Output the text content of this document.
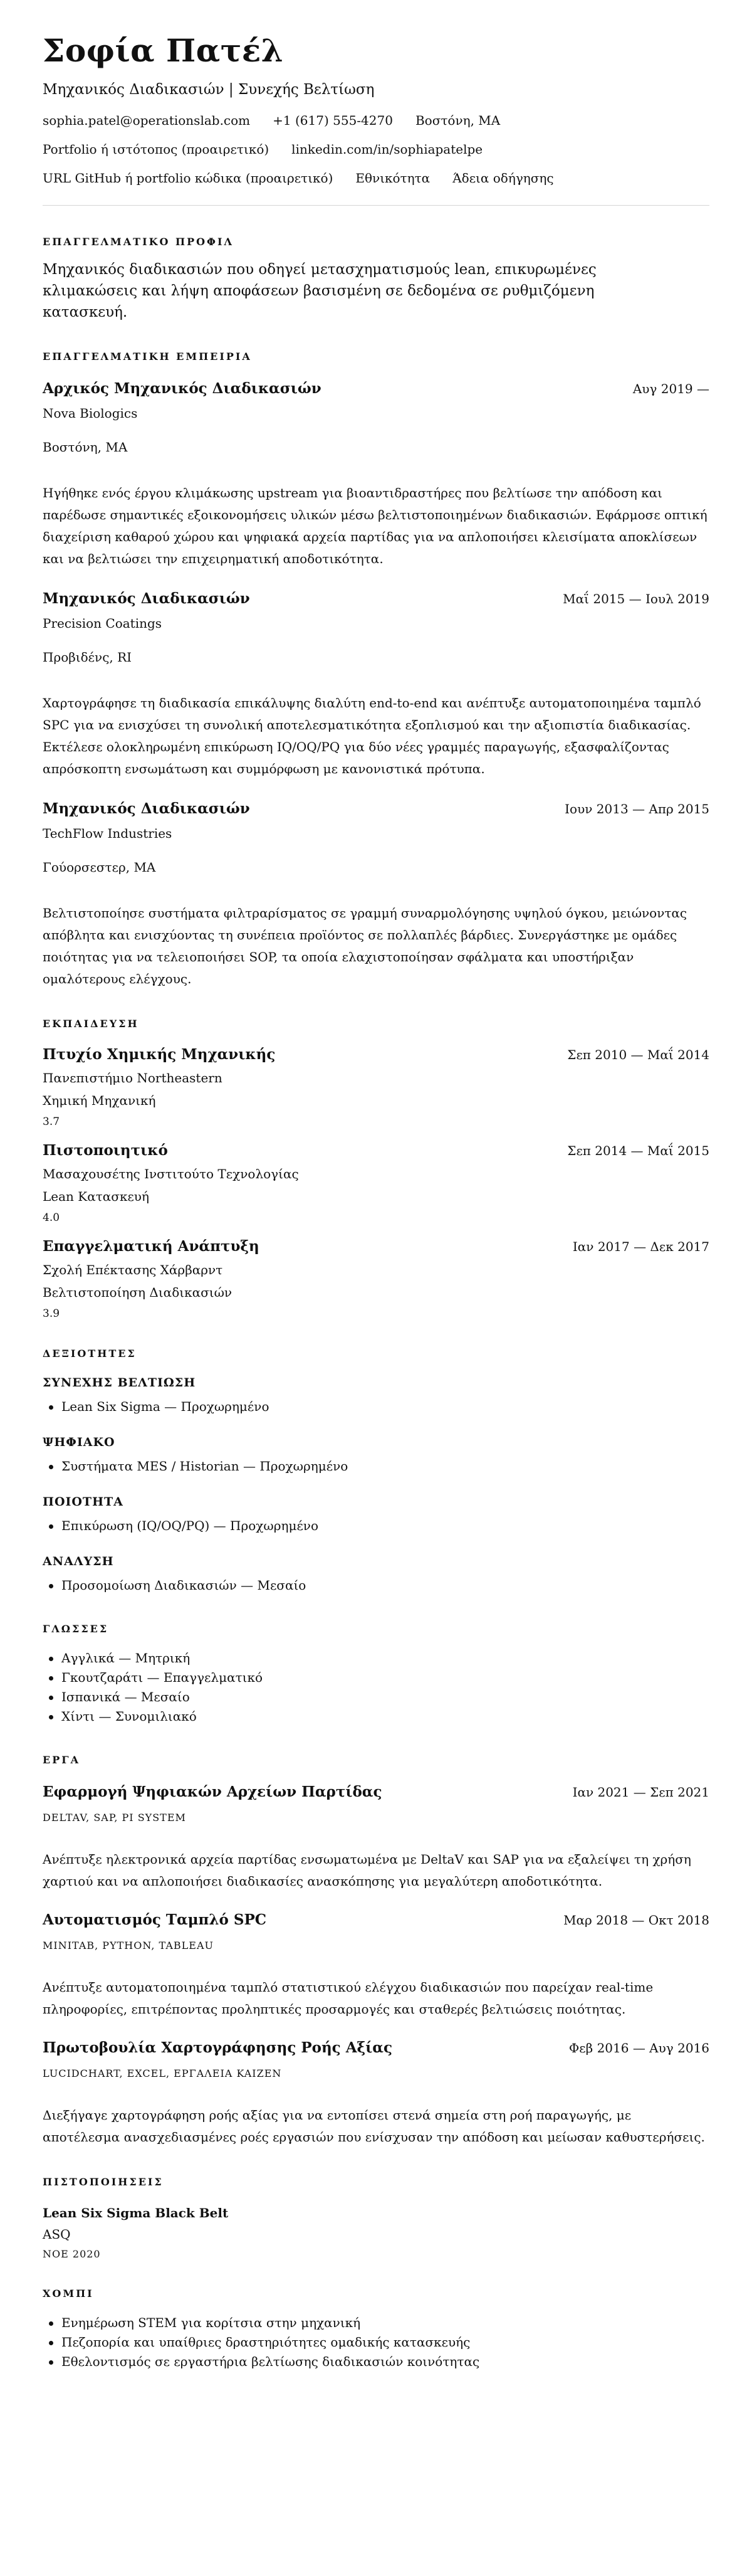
Σοφία Πατέλ
Μηχανικός Διαδικασιών | Συνεχής Βελτίωση
sophia.patel@operationslab.com +1 (617) 555-4270 Βοστόνη, MA
Portfolio ή ιστότοπος (προαιρετικό) linkedin.com/in/sophiapatelpe
URL GitHub ή portfolio κώδικα (προαιρετικό) Εθνικότητα Άδεια οδήγησης
ΕΠΑΓΓΕΛΜΑΤΙΚΟ ΠΡΟΦΙΛ
Μηχανικός διαδικασιών που οδηγεί μετασχηματισμούς lean, επικυρωμένες κλιμακώσεις και λήψη αποφάσεων βασισμένη σε δεδομένα σε ρυθμιζόμενη κατασκευή.
ΕΠΑΓΓΕΛΜΑΤΙΚΗ ΕΜΠΕΙΡΙΑ
Αρχικός Μηχανικός Διαδικασιών	Αυγ 2019 —
Nova Biologics
Βοστόνη, MA
Ηγήθηκε ενός έργου κλιμάκωσης upstream για βιοαντιδραστήρες που βελτίωσε την απόδοση και παρέδωσε σημαντικές εξοικονομήσεις υλικών μέσω βελτιστοποιημένων διαδικασιών. Εφάρμοσε οπτική διαχείριση καθαρού χώρου και ψηφιακά αρχεία παρτίδας για να απλοποιήσει κλεισίματα αποκλίσεων και να βελτιώσει την επιχειρηματική αποδοτικότητα.
Μηχανικός Διαδικασιών	Μαΐ 2015 — Ιουλ 2019
Precision Coatings
Προβιδένς, RI
Χαρτογράφησε τη διαδικασία επικάλυψης διαλύτη end-to-end και ανέπτυξε αυτοματοποιημένα ταμπλό SPC για να ενισχύσει τη συνολική αποτελεσματικότητα εξοπλισμού και την αξιοπιστία διαδικασίας. Εκτέλεσε ολοκληρωμένη επικύρωση IQ/OQ/PQ για δύο νέες γραμμές παραγωγής, εξασφαλίζοντας απρόσκοπτη ενσωμάτωση και συμμόρφωση με κανονιστικά πρότυπα.
Μηχανικός Διαδικασιών	Ιουν 2013 — Απρ 2015
TechFlow Industries
Γούορσεστερ, MA
Βελτιστοποίησε συστήματα φιλτραρίσματος σε γραμμή συναρμολόγησης υψηλού όγκου, μειώνοντας απόβλητα και ενισχύοντας τη συνέπεια προϊόντος σε πολλαπλές βάρδιες. Συνεργάστηκε με ομάδες ποιότητας για να τελειοποιήσει SOP, τα οποία ελαχιστοποίησαν σφάλματα και υποστήριξαν ομαλότερους ελέγχους.
ΕΚΠΑΙΔΕΥΣΗ
Πτυχίο Χημικής Μηχανικής	Σεπ 2010 — Μαΐ 2014
Πανεπιστήμιο Northeastern
Χημική Μηχανική
3.7
Πιστοποιητικό	Σεπ 2014 — Μαΐ 2015
Μασαχουσέτης Ινστιτούτο Τεχνολογίας
Lean Κατασκευή
4.0
Επαγγελματική Ανάπτυξη	Ιαν 2017 — Δεκ 2017
Σχολή Επέκτασης Χάρβαρντ
Βελτιστοποίηση Διαδικασιών
3.9
ΔΕΞΙΟΤΗΤΕΣ
ΣΥΝΕΧΗΣ ΒΕΛΤΙΩΣΗ
Lean Six Sigma — Προχωρημένο
ΨΗΦΙΑΚΟ
Συστήματα MES / Historian — Προχωρημένο
ΠΟΙΟΤΗΤΑ
Επικύρωση (IQ/OQ/PQ) — Προχωρημένο
ΑΝΑΛΥΣΗ
Προσομοίωση Διαδικασιών — Μεσαίο
ΓΛΩΣΣΕΣ
Αγγλικά — Μητρική
Γκουτζαράτι — Επαγγελματικό
Ισπανικά — Μεσαίο
Χίντι — Συνομιλιακό
ΕΡΓΑ
Εφαρμογή Ψηφιακών Αρχείων Παρτίδας	Ιαν 2021 — Σεπ 2021
DELTAV, SAP, PI SYSTEM
Ανέπτυξε ηλεκτρονικά αρχεία παρτίδας ενσωματωμένα με DeltaV και SAP για να εξαλείψει τη χρήση χαρτιού και να απλοποιήσει διαδικασίες ανασκόπησης για μεγαλύτερη αποδοτικότητα.
Αυτοματισμός Ταμπλό SPC	Μαρ 2018 — Οκτ 2018
MINITAB, PYTHON, TABLEAU
Ανέπτυξε αυτοματοποιημένα ταμπλό στατιστικού ελέγχου διαδικασιών που παρείχαν real-time πληροφορίες, επιτρέποντας προληπτικές προσαρμογές και σταθερές βελτιώσεις ποιότητας.
Πρωτοβουλία Χαρτογράφησης Ροής Αξίας	Φεβ 2016 — Αυγ 2016
LUCIDCHART, EXCEL, ΕΡΓΑΛΕΙΑ KAIZEN
Διεξήγαγε χαρτογράφηση ροής αξίας για να εντοπίσει στενά σημεία στη ροή παραγωγής, με αποτέλεσμα ανασχεδιασμένες ροές εργασιών που ενίσχυσαν την απόδοση και μείωσαν καθυστερήσεις.
ΠΙΣΤΟΠΟΙΗΣΕΙΣ
Lean Six Sigma Black Belt
ASQ
ΝΟΕ 2020
ΧΟΜΠΙ
Ενημέρωση STEM για κορίτσια στην μηχανική
Πεζοπορία και υπαίθριες δραστηριότητες ομαδικής κατασκευής
Εθελοντισμός σε εργαστήρια βελτίωσης διαδικασιών κοινότητας
